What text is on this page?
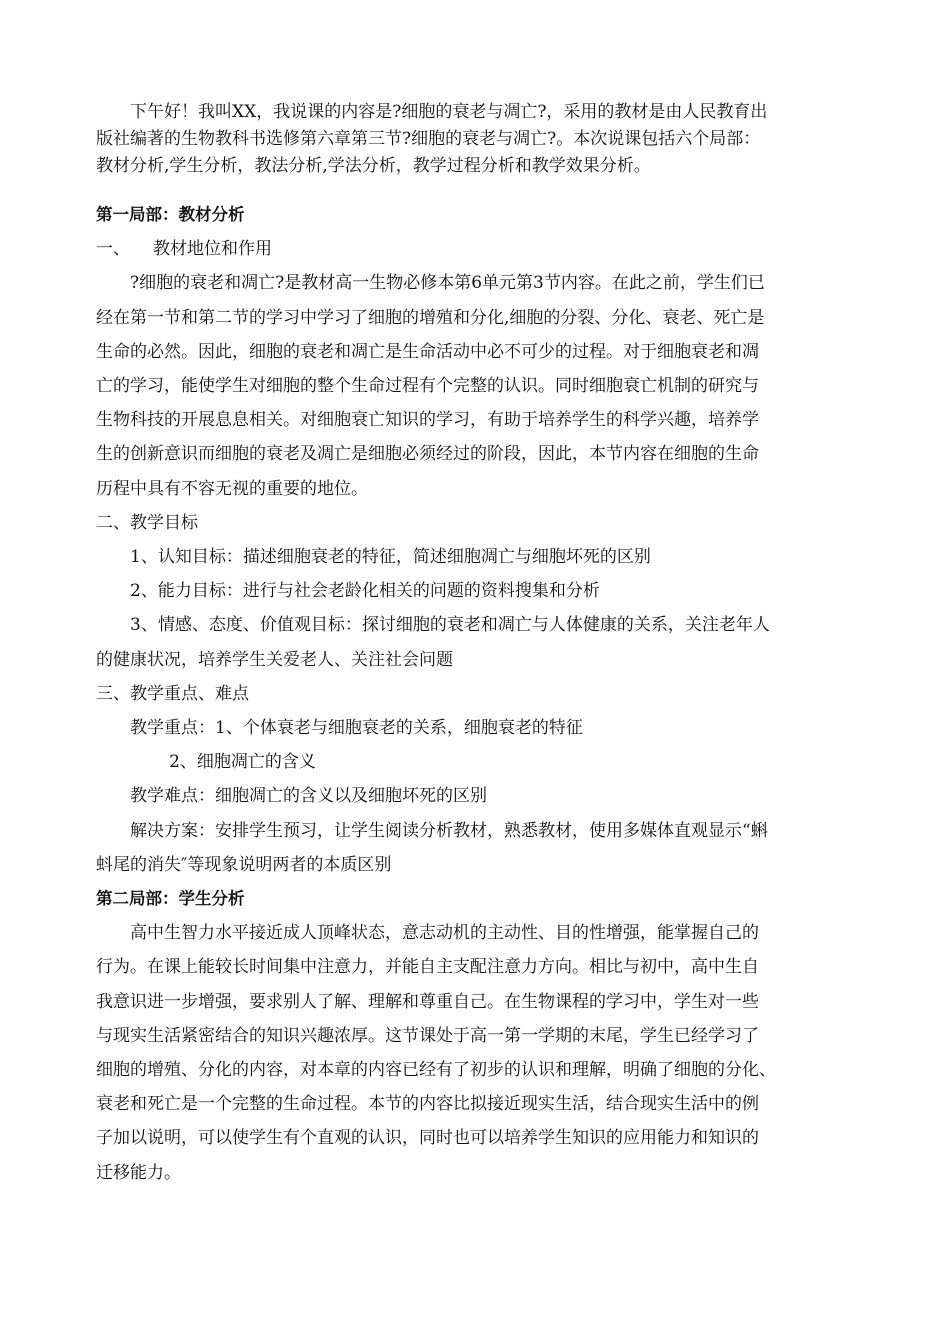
下午好！我叫XX，我说课的内容是?细胞的衰老与凋亡?，采用的教材是由人民教育出

版社编著的生物教科书选修第六章第三节?细胞的衰老与凋亡?。本次说课包括六个局部：

教材分析,学生分析，教法分析,学法分析，教学过程分析和教学效果分析。

第一局部：教材分析

一、 教材地位和作用

?细胞的衰老和凋亡?是教材高一生物必修本第6单元第3节内容。在此之前，学生们已

经在第一节和第二节的学习中学习了细胞的增殖和分化,细胞的分裂、分化、衰老、死亡是

生命的必然。因此，细胞的衰老和凋亡是生命活动中必不可少的过程。对于细胞衰老和凋

亡的学习，能使学生对细胞的整个生命过程有个完整的认识。同时细胞衰亡机制的研究与

生物科技的开展息息相关。对细胞衰亡知识的学习，有助于培养学生的科学兴趣，培养学

生的创新意识而细胞的衰老及凋亡是细胞必须经过的阶段，因此，本节内容在细胞的生命

历程中具有不容无视的重要的地位。

二、教学目标

1、认知目标：描述细胞衰老的特征，简述细胞凋亡与细胞坏死的区别

2、能力目标：进行与社会老龄化相关的问题的资料搜集和分析

3、情感、态度、价值观目标：探讨细胞的衰老和凋亡与人体健康的关系，关注老年人

的健康状况，培养学生关爱老人、关注社会问题

三、教学重点、难点

教学重点：1、个体衰老与细胞衰老的关系，细胞衰老的特征

2、细胞凋亡的含义

教学难点：细胞凋亡的含义以及细胞坏死的区别

解决方案：安排学生预习，让学生阅读分析教材，熟悉教材，使用多媒体直观显示“蝌

蚪尾的消失″等现象说明两者的本质区别

第二局部：学生分析

高中生智力水平接近成人顶峰状态，意志动机的主动性、目的性增强，能掌握自己的

行为。在课上能较长时间集中注意力，并能自主支配注意力方向。相比与初中，高中生自

我意识进一步增强，要求别人了解、理解和尊重自己。在生物课程的学习中，学生对一些

与现实生活紧密结合的知识兴趣浓厚。这节课处于高一第一学期的末尾，学生已经学习了

细胞的增殖、分化的内容，对本章的内容已经有了初步的认识和理解，明确了细胞的分化、

衰老和死亡是一个完整的生命过程。本节的内容比拟接近现实生活，结合现实生活中的例

子加以说明，可以使学生有个直观的认识，同时也可以培养学生知识的应用能力和知识的

迁移能力。
